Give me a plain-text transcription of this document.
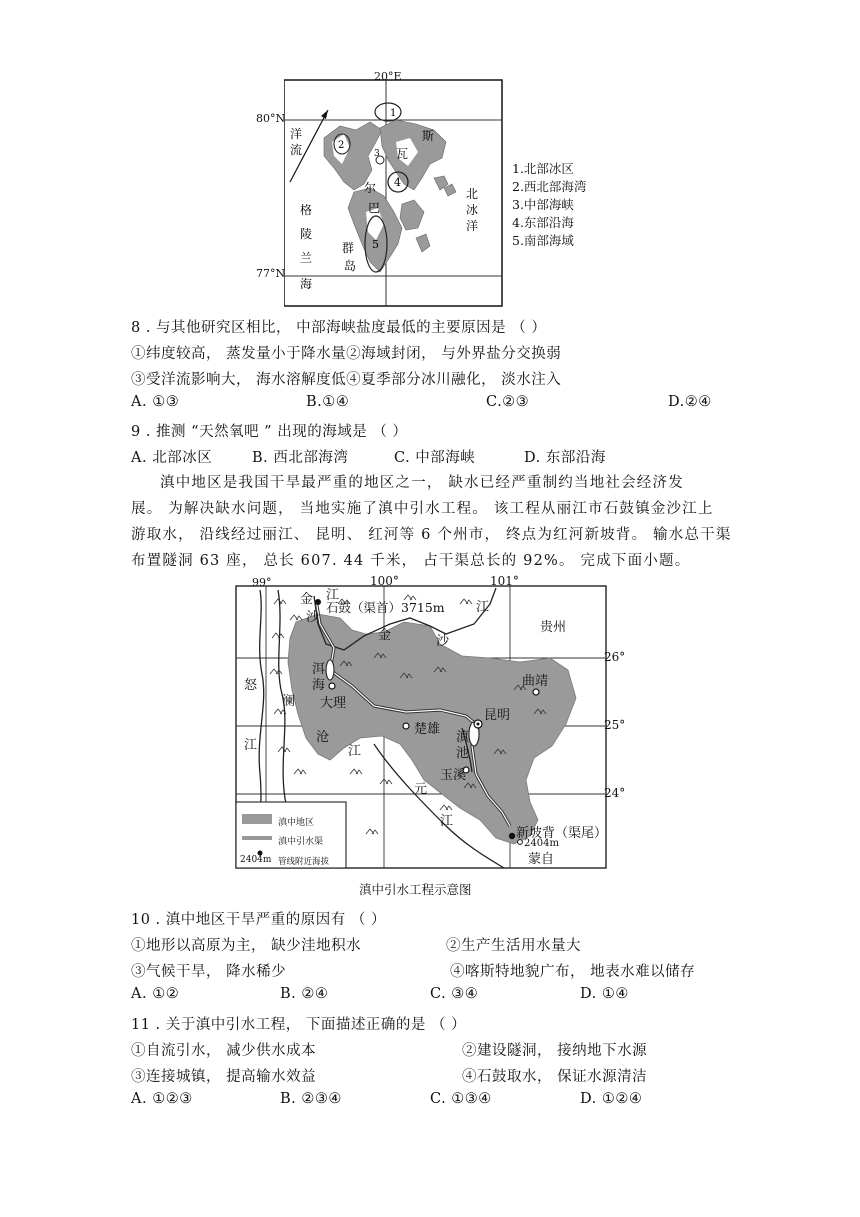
1
2
3
4
5
斯
瓦
尔
巴
群
岛
洋
流
格
陵
兰
海
北
冰
洋
20°E
80°N
77°N
1.北部冰区
2.西北部海湾
3.中部海峡
4.东部沿海
5.南部海域
8 . 与其他研究区相比， 中部海峡盐度最低的主要原因是 （ ）
①纬度较高， 蒸发量小于降水量②海域封闭， 与外界盐分交换弱
③受洋流影响大， 海水溶解度低④夏季部分冰川融化， 淡水注入
A. ①③	B.①④	C.②③	D.②④
9 . 推测 “天然氧吧 ” 出现的海域是 （ ）
A. 北部冰区	B. 西北部海湾	C. 中部海峡	D. 东部沿海
滇中地区是我国干旱最严重的地区之一， 缺水已经严重制约当地社会经济发
展。 为解决缺水问题， 当地实施了滇中引水工程。 该工程从丽江市石鼓镇金沙江上
游取水， 沿线经过丽江、 昆明、 红河等 6 个州市， 终点为红河新坡背。 输水总干渠
布置隧洞 63 座， 总长 607. 44 千米， 占干渠总长的 92%。 完成下面小题。
99°	100°	101°
26°
25°
24°
金
沙
江
石鼓（渠首）3715m
金	沙
江
贵州
洱
海
大理
怒
江
澜
沧
江
楚雄
昆明
曲靖
滇
池
玉溪
元
江
新坡背（渠尾）
2404m
蒙自
滇中地区
滇中引水渠
2404m 管线附近海拔
滇中引水工程示意图
10 . 滇中地区干旱严重的原因有 （ ）
①地形以高原为主， 缺少洼地积水	②生产生活用水量大
③气候干旱， 降水稀少	④喀斯特地貌广布， 地表水难以储存
A. ①②	B. ②④	C. ③④	D. ①④
11 . 关于滇中引水工程， 下面描述正确的是 （ ）
①自流引水， 减少供水成本	②建设隧洞， 接纳地下水源
③连接城镇， 提高输水效益	④石鼓取水， 保证水源清洁
A. ①②③	B. ②③④	C. ①③④	D. ①②④
